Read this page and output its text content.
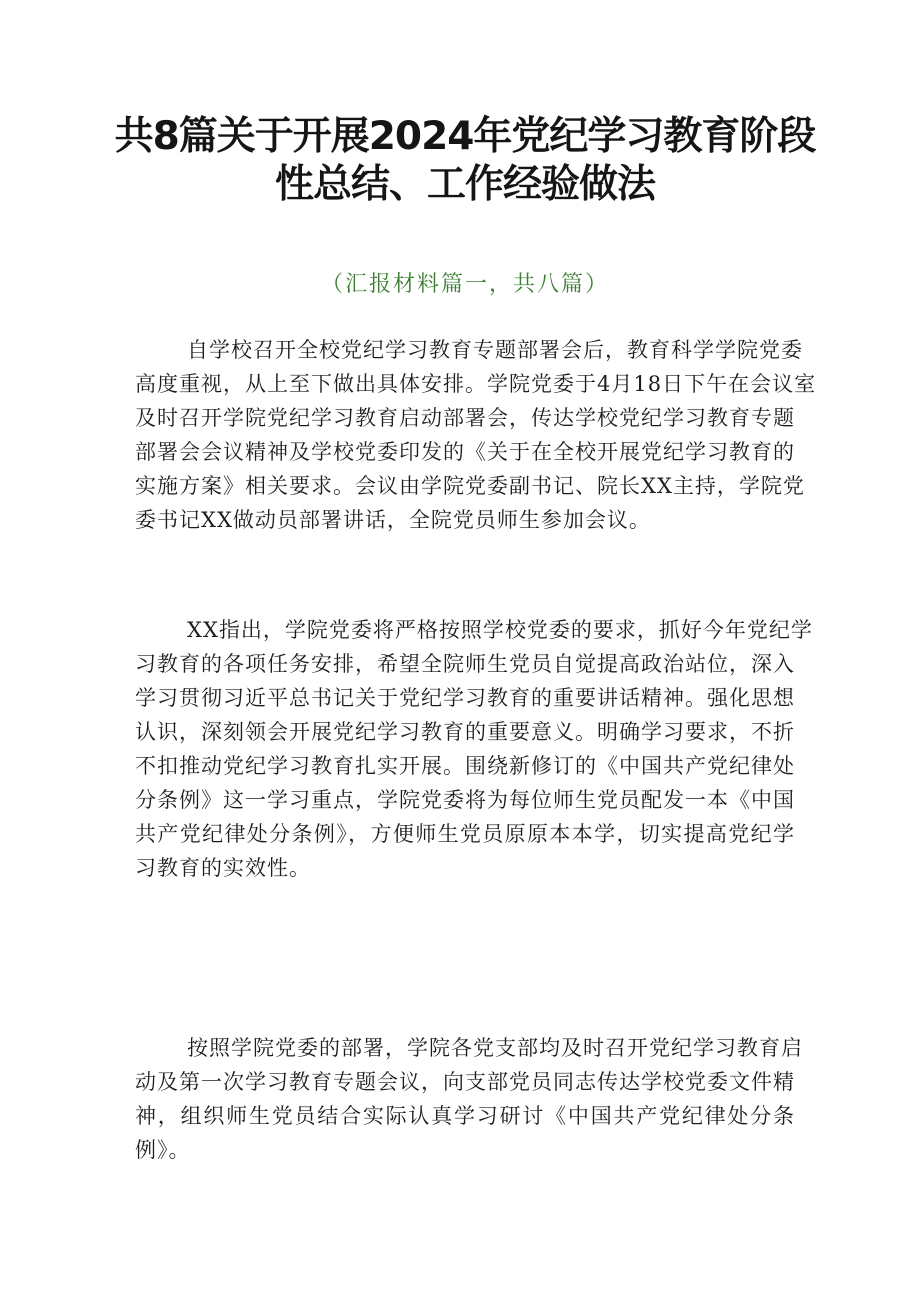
共8篇关于开展2024年党纪学习教育阶段
性总结、工作经验做法
（汇报材料篇一，共八篇）
自学校召开全校党纪学习教育专题部署会后，教育科学学院党委
高度重视，从上至下做出具体安排。学院党委于4月18日下午在会议室
及时召开学院党纪学习教育启动部署会，传达学校党纪学习教育专题
部署会会议精神及学校党委印发的《关于在全校开展党纪学习教育的
实施方案》相关要求。会议由学院党委副书记、院长XX主持，学院党
委书记XX做动员部署讲话，全院党员师生参加会议。
XX指出，学院党委将严格按照学校党委的要求，抓好今年党纪学
习教育的各项任务安排，希望全院师生党员自觉提高政治站位，深入
学习贯彻习近平总书记关于党纪学习教育的重要讲话精神。强化思想
认识，深刻领会开展党纪学习教育的重要意义。明确学习要求，不折
不扣推动党纪学习教育扎实开展。围绕新修订的《中国共产党纪律处
分条例》这一学习重点，学院党委将为每位师生党员配发一本《中国
共产党纪律处分条例》，方便师生党员原原本本学，切实提高党纪学
习教育的实效性。
按照学院党委的部署，学院各党支部均及时召开党纪学习教育启
动及第一次学习教育专题会议，向支部党员同志传达学校党委文件精
神，组织师生党员结合实际认真学习研讨《中国共产党纪律处分条
例》。
